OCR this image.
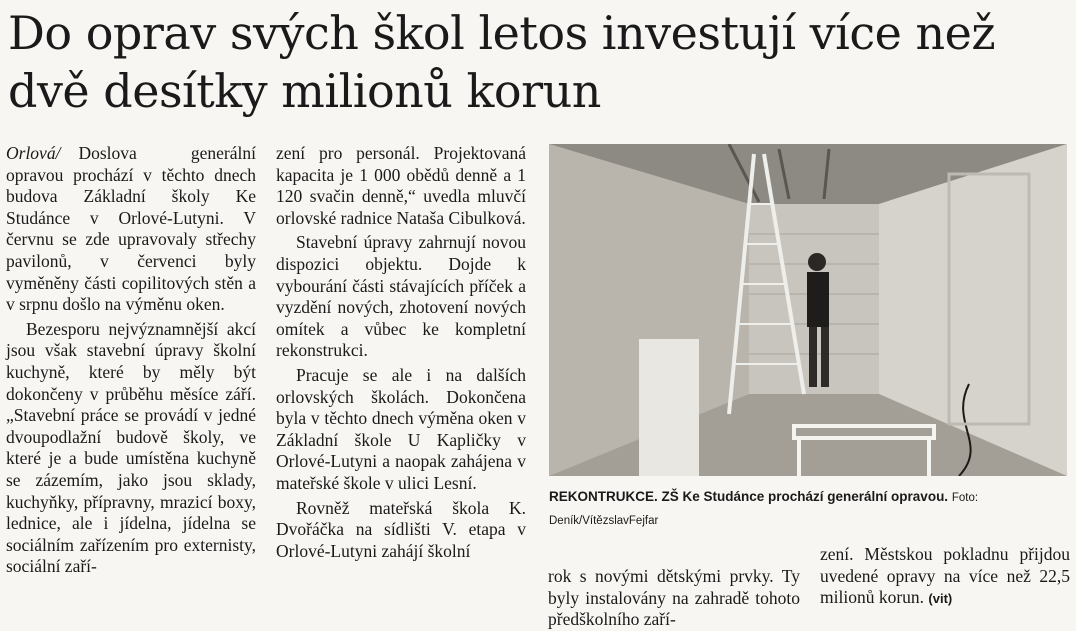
Do oprav svých škol letos investují více než dvě desítky milionů korun

Orlová/ Doslova generální opravou prochází v těchto dnech budova Základní školy Ke Studánce v Orlové-Lutyni. V červnu se zde upravovaly střechy pavilonů, v červenci byly vyměněny části copilitových stěn a v srpnu došlo na výměnu oken.

Bezesporu nejvýznamnější akcí jsou však stavební úpravy školní kuchyně, které by měly být dokončeny v průběhu měsíce září. „Stavební práce se provádí v jedné dvoupodlažní budově školy, ve které je a bude umístěna kuchyně se zázemím, jako jsou sklady, kuchyňky, přípravny, mrazicí boxy, lednice, ale i jídelna, jídelna se sociálním zařízením pro externisty, sociální zaří-

zení pro personál. Projektovaná kapacita je 1 000 obědů denně a 1 120 svačin denně,“ uvedla mluvčí orlovské radnice Nataša Cibulková.

Stavební úpravy zahrnují novou dispozici objektu. Dojde k vybourání části stávajících příček a vyzdění nových, zhotovení nových omítek a vůbec ke kompletní rekonstrukci.

Pracuje se ale i na dalších orlovských školách. Dokončena byla v těchto dnech výměna oken v Základní škole U Kapličky v Orlové-Lutyni a naopak zahájena v mateřské škole v ulici Lesní.

Rovněž mateřská škola K. Dvořáčka na sídlišti V. etapa v Orlové-Lutyni zahájí školní

REKONTRUKCE. ZŠ Ke Studánce prochází generální opravou. Foto: Deník/VítězslavFejfar

rok s novými dětskými prvky. Ty byly instalovány na zahradě tohoto předškolního zaří-

zení. Městskou pokladnu přijdou uvedené opravy na více než 22,5 milionů korun. (vit)
